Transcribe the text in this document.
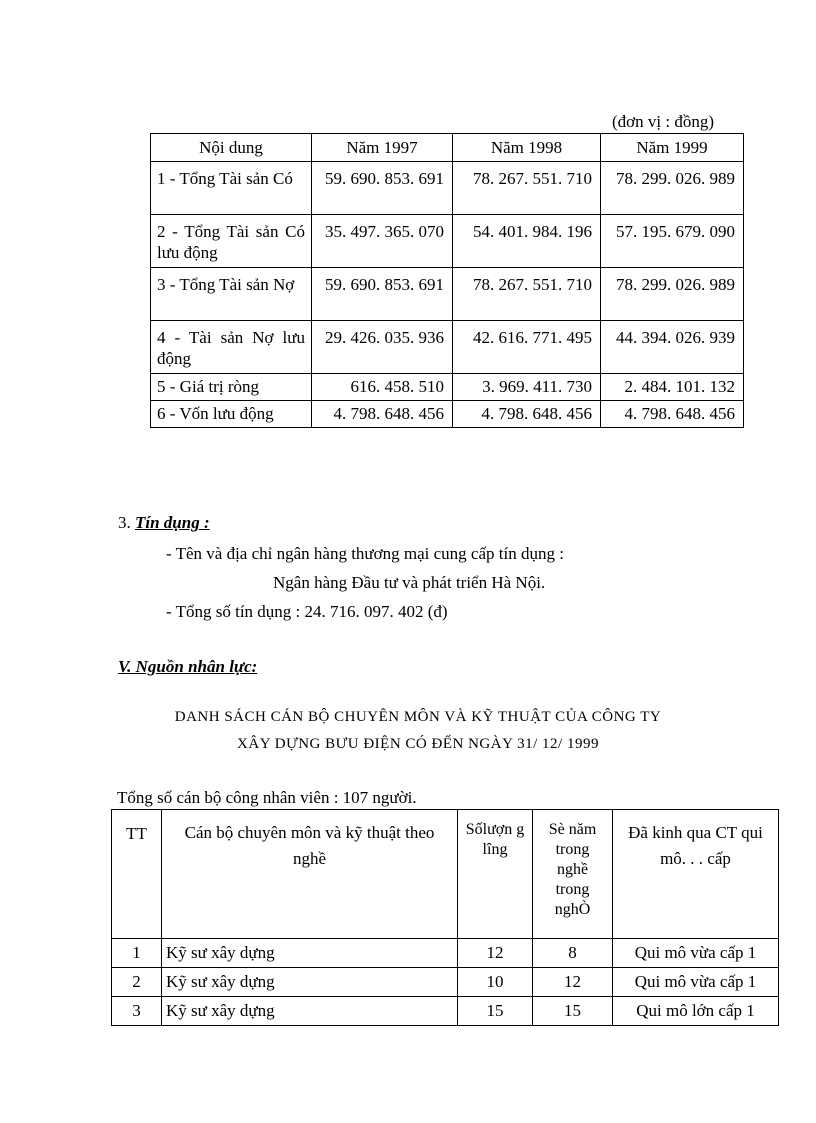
(đơn vị : đồng)
Nội dung	Năm 1997	Năm 1998	Năm 1999
1 - Tổng Tài sản Có	59. 690. 853. 691	78. 267. 551. 710	78. 299. 026. 989
2 - Tổng Tài sản Có lưu động	35. 497. 365. 070	54. 401. 984. 196	57. 195. 679. 090
3 - Tổng Tài sản Nợ	59. 690. 853. 691	78. 267. 551. 710	78. 299. 026. 989
4 - Tài sản Nợ lưu động	29. 426. 035. 936	42. 616. 771. 495	44. 394. 026. 939
5 - Giá trị ròng	616. 458. 510	3. 969. 411. 730	2. 484. 101. 132
6 - Vốn lưu động	4. 798. 648. 456	4. 798. 648. 456	4. 798. 648. 456
3. Tín dụng :
- Tên và địa chỉ ngân hàng thương mại cung cấp tín dụng :
Ngân hàng Đầu tư và phát triển Hà Nội.
- Tổng số tín dụng : 24. 716. 097. 402 (đ)
V. Nguồn nhân lực:
DANH SÁCH CÁN BỘ CHUYÊN MÔN VÀ KỸ THUẬT CỦA CÔNG TY
XÂY DỰNG BƯU ĐIỆN CÓ ĐẾN NGÀY 31/ 12/ 1999
Tổng số cán bộ công nhân viên : 107 người.
TT	Cán bộ chuyên môn và kỹ thuật theo nghề	Sốlượn g lîng	Sè năm trong nghề trong nghÒ	Đã kinh qua CT qui mô. . . cấp
1	Kỹ sư xây dựng	12	8	Qui mô vừa cấp 1
2	Kỹ sư xây dựng	10	12	Qui mô vừa cấp 1
3	Kỹ sư xây dựng	15	15	Qui mô lớn cấp 1
